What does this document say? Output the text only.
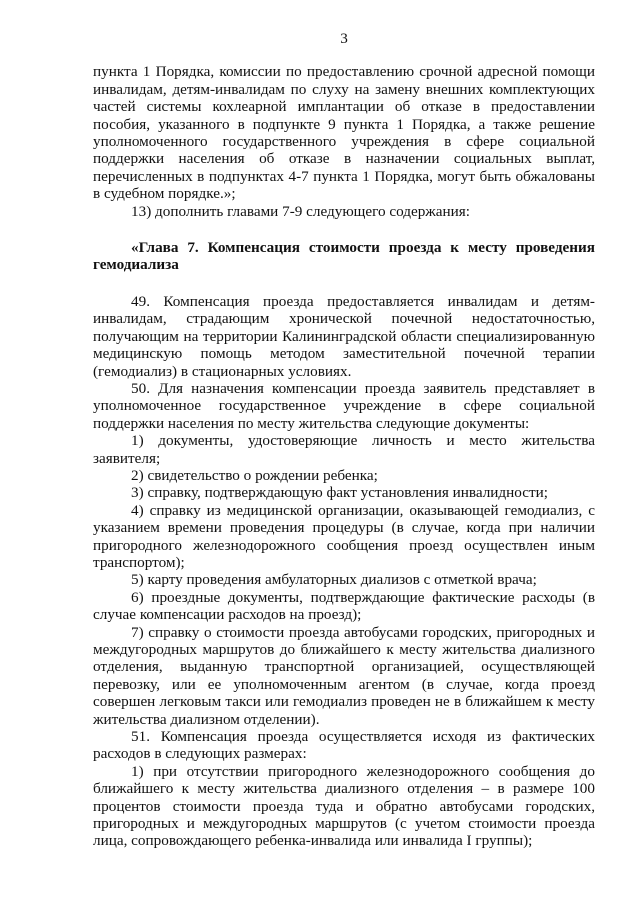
3

пункта 1 Порядка, комиссии по предоставлению срочной адресной помощи инвалидам, детям-инвалидам по слуху на замену внешних комплектующих частей системы кохлеарной имплантации об отказе в предоставлении пособия, указанного в подпункте 9 пункта 1 Порядка, а также решение уполномоченного государственного учреждения в сфере социальной поддержки населения об отказе в назначении социальных выплат, перечисленных в подпунктах 4-7 пункта 1 Порядка, могут быть обжалованы в судебном порядке.»;

13) дополнить главами 7-9 следующего содержания:

«Глава 7. Компенсация стоимости проезда к месту проведения гемодиализа

49. Компенсация проезда предоставляется инвалидам и детям-инвалидам, страдающим хронической почечной недостаточностью, получающим на территории Калининградской области специализированную медицинскую помощь методом заместительной почечной терапии (гемодиализ) в стационарных условиях.

50. Для назначения компенсации проезда заявитель представляет в уполномоченное государственное учреждение в сфере социальной поддержки населения по месту жительства следующие документы:

1) документы, удостоверяющие личность и место жительства заявителя;

2) свидетельство о рождении ребенка;

3) справку, подтверждающую факт установления инвалидности;

4) справку из медицинской организации, оказывающей гемодиализ, с указанием времени проведения процедуры (в случае, когда при наличии пригородного железнодорожного сообщения проезд осуществлен иным транспортом);

5) карту проведения амбулаторных диализов с отметкой врача;

6) проездные документы, подтверждающие фактические расходы (в случае компенсации расходов на проезд);

7) справку о стоимости проезда автобусами городских, пригородных и междугородных маршрутов до ближайшего к месту жительства диализного отделения, выданную транспортной организацией, осуществляющей перевозку, или ее уполномоченным агентом (в случае, когда проезд совершен легковым такси или гемодиализ проведен не в ближайшем к месту жительства диализном отделении).

51. Компенсация проезда осуществляется исходя из фактических расходов в следующих размерах:

1) при отсутствии пригородного железнодорожного сообщения до ближайшего к месту жительства диализного отделения – в размере 100 процентов стоимости проезда туда и обратно автобусами городских, пригородных и междугородных маршрутов (с учетом стоимости проезда лица, сопровождающего ребенка-инвалида или инвалида I группы);
